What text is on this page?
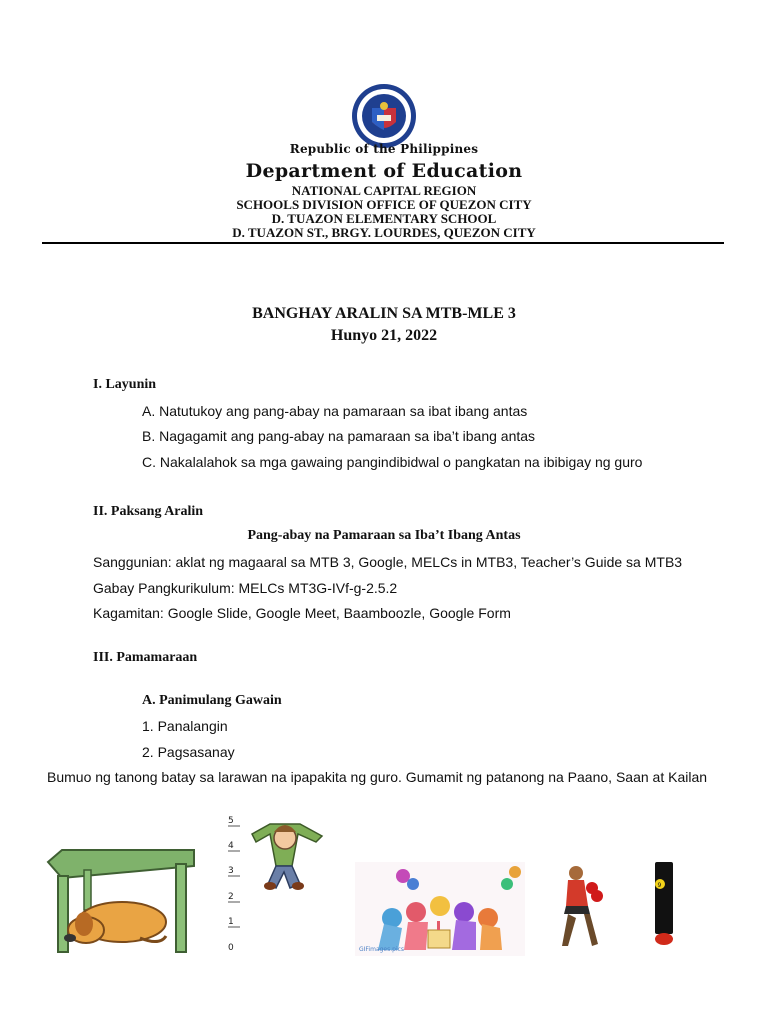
Republic of the Philippines
Department of Education
NATIONAL CAPITAL REGION
SCHOOLS DIVISION OFFICE OF QUEZON CITY
D. TUAZON ELEMENTARY SCHOOL
D. TUAZON ST., BRGY. LOURDES, QUEZON CITY
BANGHAY ARALIN SA MTB-MLE 3
Hunyo 21, 2022
I. Layunin
A. Natutukoy ang pang-abay na pamaraan sa ibat ibang antas
B. Nagagamit ang pang-abay na pamaraan sa iba’t ibang antas
C. Nakalalahok sa mga gawaing pangindibidwal o pangkatan na ibibigay ng guro
II. Paksang Aralin
Pang-abay na Pamaraan sa Iba’t Ibang Antas
Sanggunian: aklat ng magaaral sa MTB 3, Google, MELCs in MTB3, Teacher’s Guide sa MTB3
Gabay Pangkurikulum: MELCs MT3G-IVf-g-2.5.2
Kagamitan: Google Slide, Google Meet, Baamboozle, Google Form
III. Pamamaraan
A. Panimulang Gawain
1. Panalangin
2. Pagsasanay
Bumuo ng tanong batay sa larawan na ipapakita ng guro. Gumamit ng patanong na Paano, Saan at Kailan
5
4
3
2
1
0	GIFimages.pics
9
